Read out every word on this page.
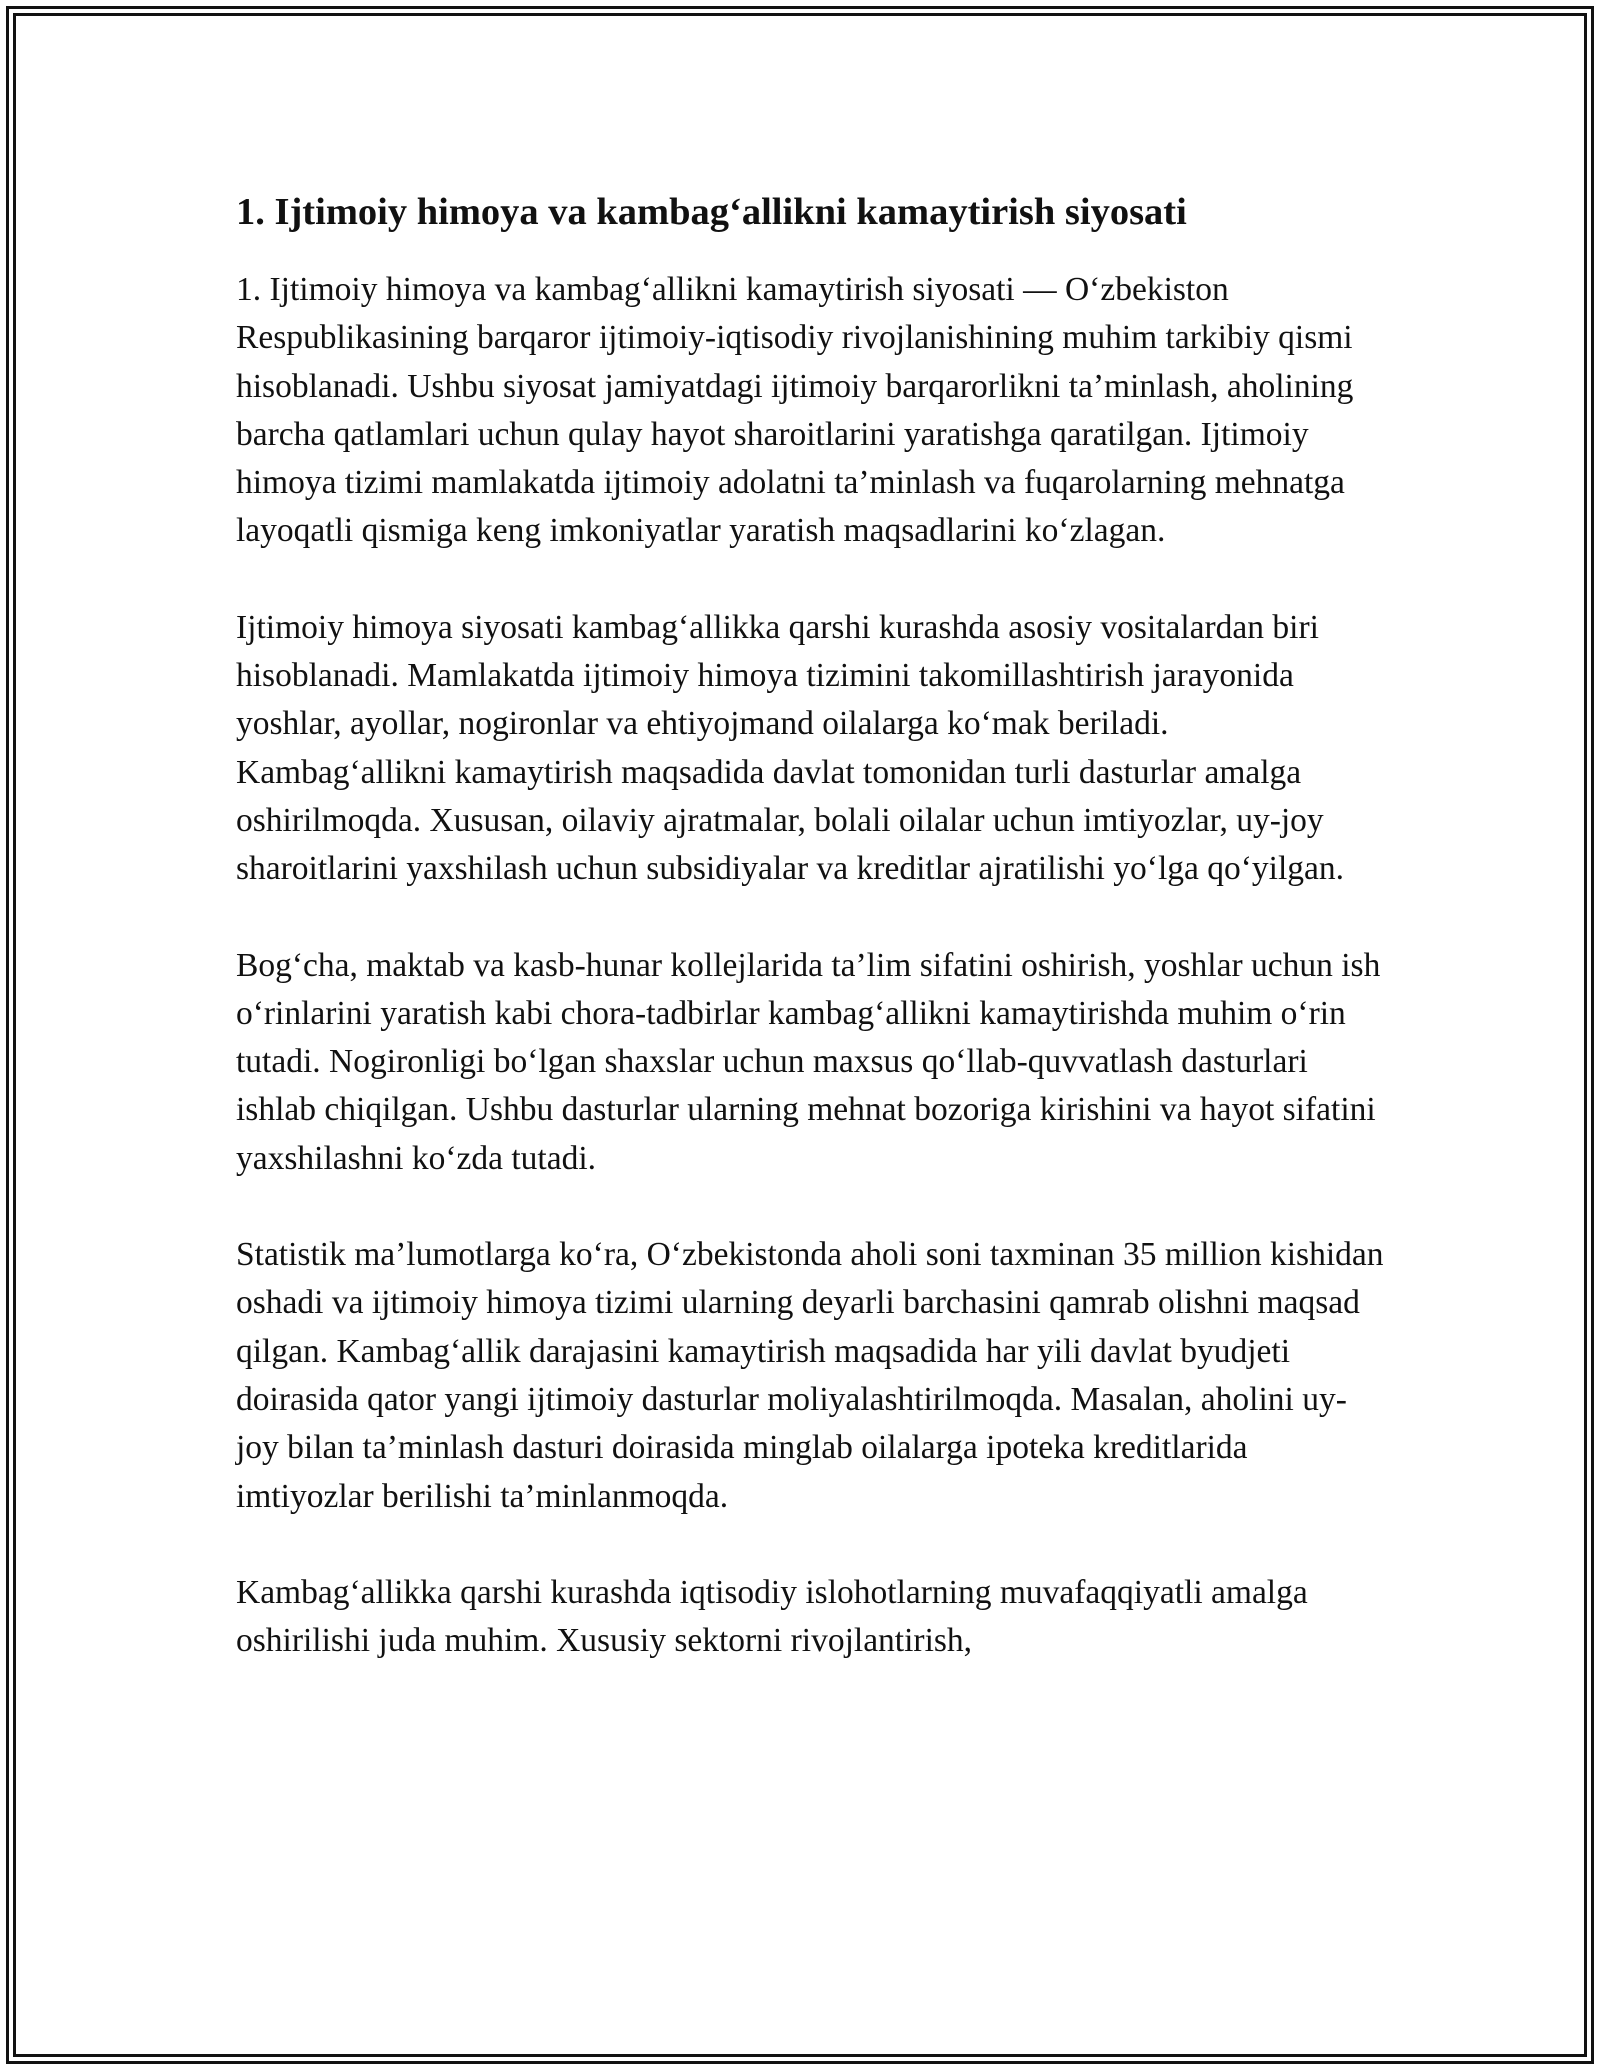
1. Ijtimoiy himoya va kambag‘allikni kamaytirish siyosati

1. Ijtimoiy himoya va kambag‘allikni kamaytirish siyosati — O‘zbekiston Respublikasining barqaror ijtimoiy-iqtisodiy rivojlanishining muhim tarkibiy qismi hisoblanadi. Ushbu siyosat jamiyatdagi ijtimoiy barqarorlikni ta’minlash, aholining barcha qatlamlari uchun qulay hayot sharoitlarini yaratishga qaratilgan. Ijtimoiy himoya tizimi mamlakatda ijtimoiy adolatni ta’minlash va fuqarolarning mehnatga layoqatli qismiga keng imkoniyatlar yaratish maqsadlarini ko‘zlagan.

Ijtimoiy himoya siyosati kambag‘allikka qarshi kurashda asosiy vositalardan biri hisoblanadi. Mamlakatda ijtimoiy himoya tizimini takomillashtirish jarayonida yoshlar, ayollar, nogironlar va ehtiyojmand oilalarga ko‘mak beriladi. Kambag‘allikni kamaytirish maqsadida davlat tomonidan turli dasturlar amalga oshirilmoqda. Xususan, oilaviy ajratmalar, bolali oilalar uchun imtiyozlar, uy-joy sharoitlarini yaxshilash uchun subsidiyalar va kreditlar ajratilishi yo‘lga qo‘yilgan.

Bog‘cha, maktab va kasb-hunar kollejlarida ta’lim sifatini oshirish, yoshlar uchun ish o‘rinlarini yaratish kabi chora-tadbirlar kambag‘allikni kamaytirishda muhim o‘rin tutadi. Nogironligi bo‘lgan shaxslar uchun maxsus qo‘llab-quvvatlash dasturlari ishlab chiqilgan. Ushbu dasturlar ularning mehnat bozoriga kirishini va hayot sifatini yaxshilashni ko‘zda tutadi.

Statistik ma’lumotlarga ko‘ra, O‘zbekistonda aholi soni taxminan 35 million kishidan oshadi va ijtimoiy himoya tizimi ularning deyarli barchasini qamrab olishni maqsad qilgan. Kambag‘allik darajasini kamaytirish maqsadida har yili davlat byudjeti doirasida qator yangi ijtimoiy dasturlar moliyalashtirilmoqda. Masalan, aholini uy-joy bilan ta’minlash dasturi doirasida minglab oilalarga ipoteka kreditlarida imtiyozlar berilishi ta’minlanmoqda.

Kambag‘allikka qarshi kurashda iqtisodiy islohotlarning muvafaqqiyatli amalga oshirilishi juda muhim. Xususiy sektorni rivojlantirish,
